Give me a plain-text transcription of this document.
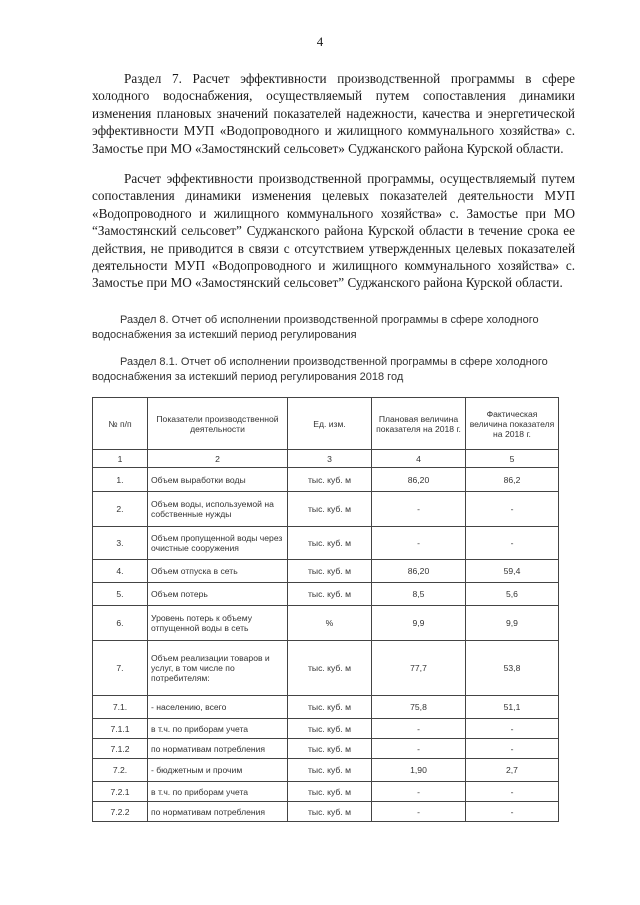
4

Раздел 7. Расчет эффективности производственной программы в сфере холодного водоснабжения, осуществляемый путем сопоставления динамики изменения плановых значений показателей надежности, качества и энергетической эффективности МУП «Водопроводного и жилищного коммунального хозяйства» с. Замостье при МО «Замостянский сельсовет» Суджанского района Курской области.

Расчет эффективности производственной программы, осуществляемый путем сопоставления динамики изменения целевых показателей деятельности МУП «Водопроводного и жилищного коммунального хозяйства» с. Замостье при МО “Замостянский сельсовет” Суджанского района Курской области в течение срока ее действия, не приводится в связи с отсутствием утвержденных целевых показателей деятельности МУП «Водопроводного и жилищного коммунального хозяйства» с. Замостье при МО «Замостянский сельсовет” Суджанского района Курской области.

Раздел 8. Отчет об исполнении производственной программы в сфере холодного водоснабжения за истекший период регулирования

Раздел 8.1. Отчет об исполнении производственной программы в сфере холодного водоснабжения за истекший период регулирования 2018 год

№ п/п	Показатели производственной деятельности	Ед. изм.	Плановая величина показателя на 2018 г.	Фактическая величина показателя на 2018 г.
1	2	3	4	5
1.	Объем выработки воды	тыс. куб. м	86,20	86,2
2.	Объем воды, используемой на собственные нужды	тыс. куб. м	-	-
3.	Объем пропущенной воды через очистные сооружения	тыс. куб. м	-	-
4.	Объем отпуска в сеть	тыс. куб. м	86,20	59,4
5.	Объем потерь	тыс. куб. м	8,5	5,6
6.	Уровень потерь к объему отпущенной воды в сеть	%	9,9	9,9
7.	Объем реализации товаров и услуг, в том числе по потребителям:	тыс. куб. м	77,7	53,8
7.1.	- населению, всего	тыс. куб. м	75,8	51,1
7.1.1	в т.ч. по приборам учета	тыс. куб. м	-	-
7.1.2	по нормативам потребления	тыс. куб. м	-	-
7.2.	- бюджетным и прочим	тыс. куб. м	1,90	2,7
7.2.1	в т.ч. по приборам учета	тыс. куб. м	-	-
7.2.2	по нормативам потребления	тыс. куб. м	-	-
